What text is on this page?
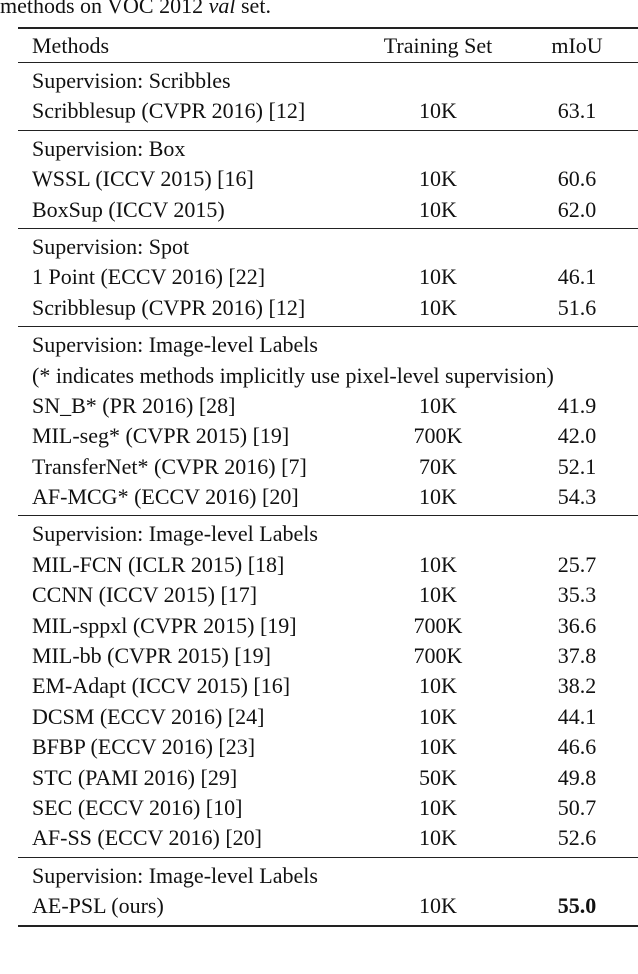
methods on VOC 2012 val set.
Methods	Training Set	mIoU
Supervision: Scribbles
Scribblesup (CVPR 2016) [12]	10K	63.1
Supervision: Box
WSSL (ICCV 2015) [16]	10K	60.6
BoxSup (ICCV 2015)	10K	62.0
Supervision: Spot
1 Point (ECCV 2016) [22]	10K	46.1
Scribblesup (CVPR 2016) [12]	10K	51.6
Supervision: Image-level Labels
(* indicates methods implicitly use pixel-level supervision)
SN_B* (PR 2016) [28]	10K	41.9
MIL-seg* (CVPR 2015) [19]	700K	42.0
TransferNet* (CVPR 2016) [7]	70K	52.1
AF-MCG* (ECCV 2016) [20]	10K	54.3
Supervision: Image-level Labels
MIL-FCN (ICLR 2015) [18]	10K	25.7
CCNN (ICCV 2015) [17]	10K	35.3
MIL-sppxl (CVPR 2015) [19]	700K	36.6
MIL-bb (CVPR 2015) [19]	700K	37.8
EM-Adapt (ICCV 2015) [16]	10K	38.2
DCSM (ECCV 2016) [24]	10K	44.1
BFBP (ECCV 2016) [23]	10K	46.6
STC (PAMI 2016) [29]	50K	49.8
SEC (ECCV 2016) [10]	10K	50.7
AF-SS (ECCV 2016) [20]	10K	52.6
Supervision: Image-level Labels
AE-PSL (ours)	10K	55.0
